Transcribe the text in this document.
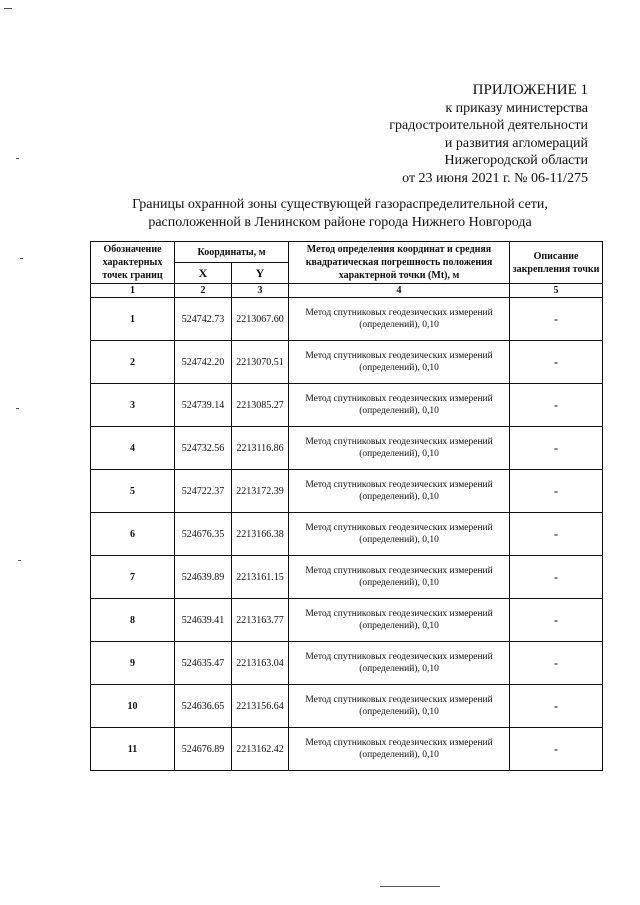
ПРИЛОЖЕНИЕ 1
к приказу министерства
градостроительной деятельности
и развития агломераций
Нижегородской области
от 23 июня 2021 г. № 06-11/275
Границы охранной зоны существующей газораспределительной сети,
расположенной в Ленинском районе города Нижнего Новгорода
Обозначение характерных точек границ	Координаты, м		Метод определения координат и средняя квадратическая погрешность положения характерной точки (Mt), м	Описание закрепления точки
	X	Y		
1	2	3	4	5
1	524742.73	2213067.60	Метод спутниковых геодезических измерений (определений), 0,10	-
2	524742.20	2213070.51	Метод спутниковых геодезических измерений (определений), 0,10	-
3	524739.14	2213085.27	Метод спутниковых геодезических измерений (определений), 0,10	-
4	524732.56	2213116.86	Метод спутниковых геодезических измерений (определений), 0,10	-
5	524722.37	2213172.39	Метод спутниковых геодезических измерений (определений), 0,10	-
6	524676.35	2213166.38	Метод спутниковых геодезических измерений (определений), 0,10	-
7	524639.89	2213161.15	Метод спутниковых геодезических измерений (определений), 0,10	-
8	524639.41	2213163.77	Метод спутниковых геодезических измерений (определений), 0,10	-
9	524635.47	2213163.04	Метод спутниковых геодезических измерений (определений), 0,10	-
10	524636.65	2213156.64	Метод спутниковых геодезических измерений (определений), 0,10	-
11	524676.89	2213162.42	Метод спутниковых геодезических измерений (определений), 0,10	-
